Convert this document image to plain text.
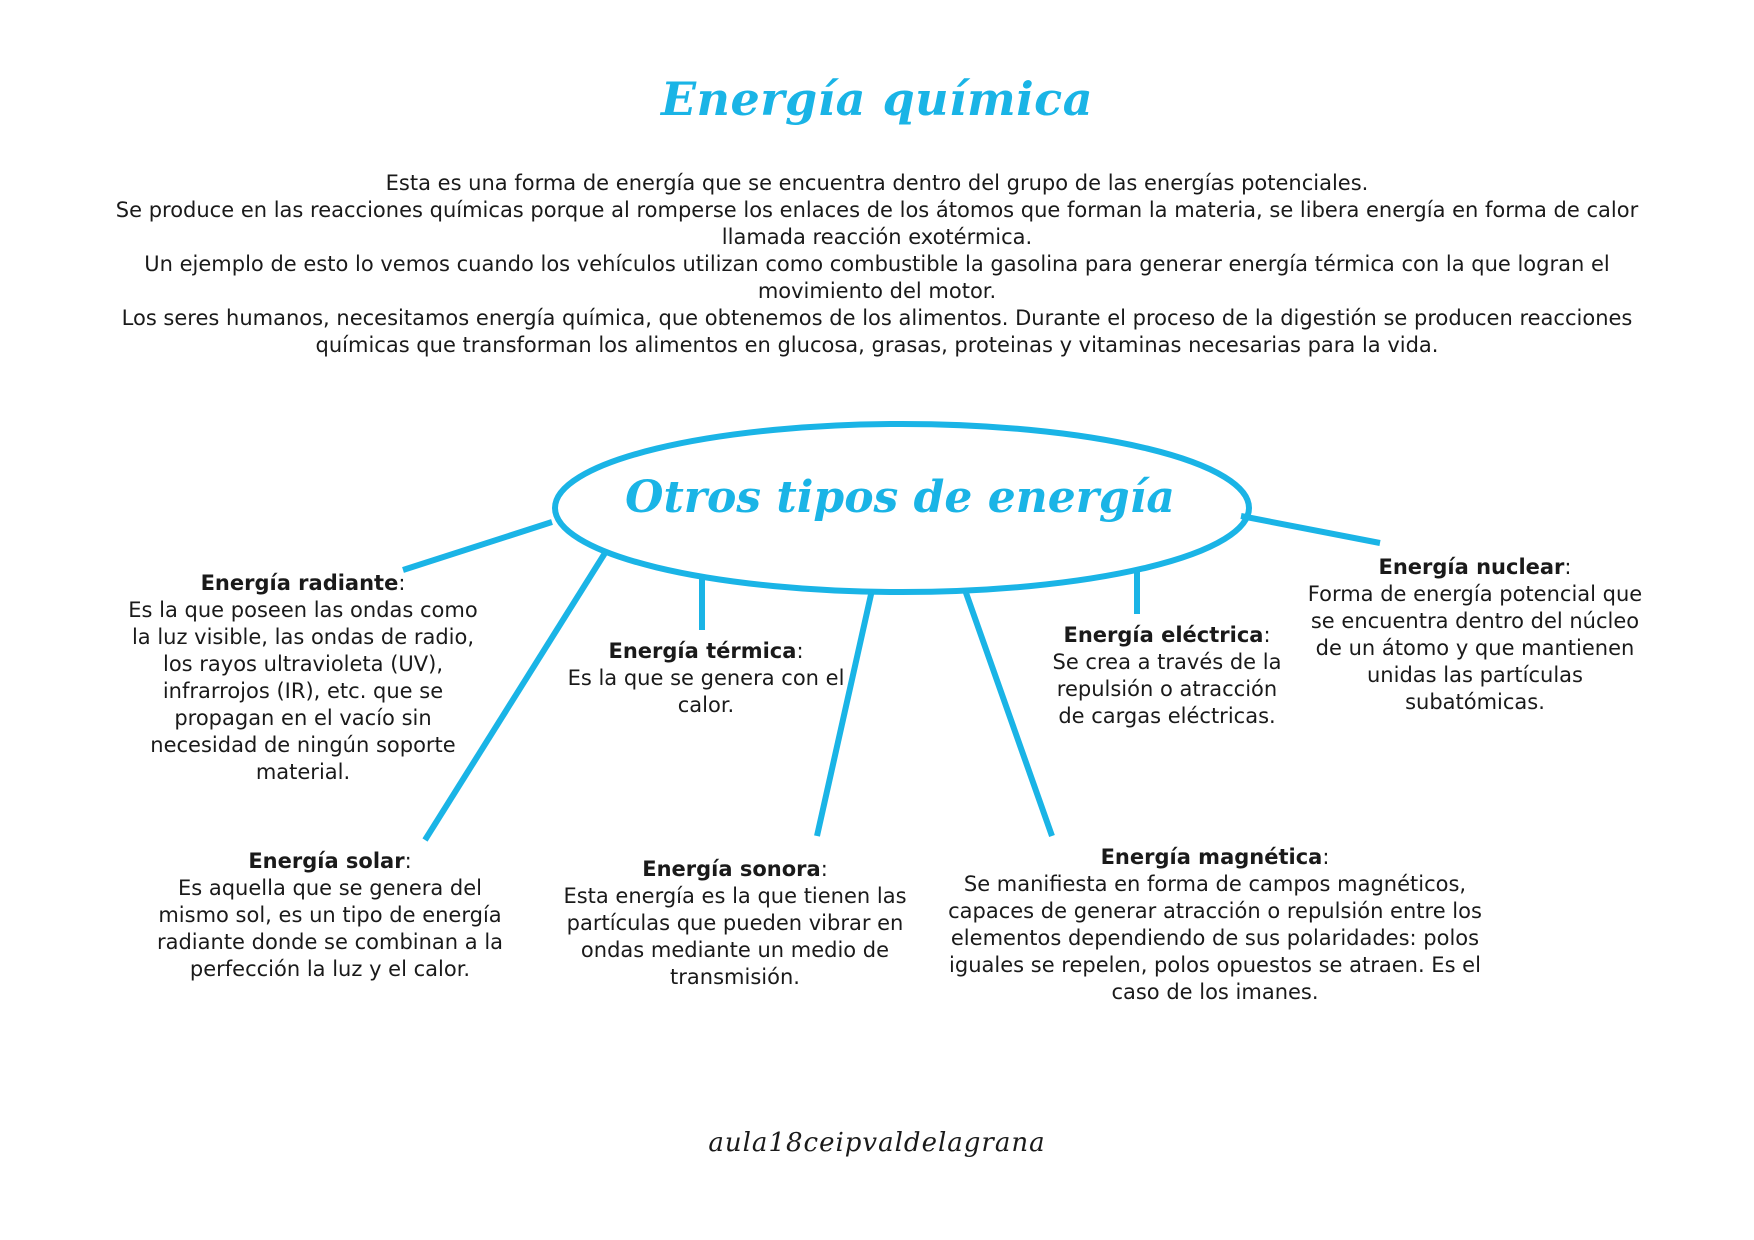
Energía química

Esta es una forma de energía que se encuentra dentro del grupo de las energías potenciales.

Se produce en las reacciones químicas porque al romperse los enlaces de los átomos que forman la materia, se libera energía en forma de calor llamada reacción exotérmica.

Un ejemplo de esto lo vemos cuando los vehículos utilizan como combustible la gasolina para generar energía térmica con la que logran el movimiento del motor.

Los seres humanos, necesitamos energía química, que obtenemos de los alimentos. Durante el proceso de la digestión se producen reacciones químicas que transforman los alimentos en glucosa, grasas, proteinas y vitaminas necesarias para la vida.

Otros tipos de energía
Energía radiante:
Es la que poseen las ondas como la luz visible, las ondas de radio, los rayos ultravioleta (UV), infrarrojos (IR), etc. que se propagan en el vacío sin necesidad de ningún soporte material.
Energía térmica:
Es la que se genera con el calor.
Energía eléctrica:
Se crea a través de la repulsión o atracción de cargas eléctricas.
Energía nuclear:
Forma de energía potencial que se encuentra dentro del núcleo de un átomo y que mantienen unidas las partículas subatómicas.
Energía solar:
Es aquella que se genera del mismo sol, es un tipo de energía radiante donde se combinan a la perfección la luz y el calor.
Energía sonora:
Esta energía es la que tienen las partículas que pueden vibrar en ondas mediante un medio de transmisión.
Energía magnética:
Se manifiesta en forma de campos magnéticos, capaces de generar atracción o repulsión entre los elementos dependiendo de sus polaridades: polos iguales se repelen, polos opuestos se atraen. Es el caso de los imanes.
aula18ceipvaldelagrana
